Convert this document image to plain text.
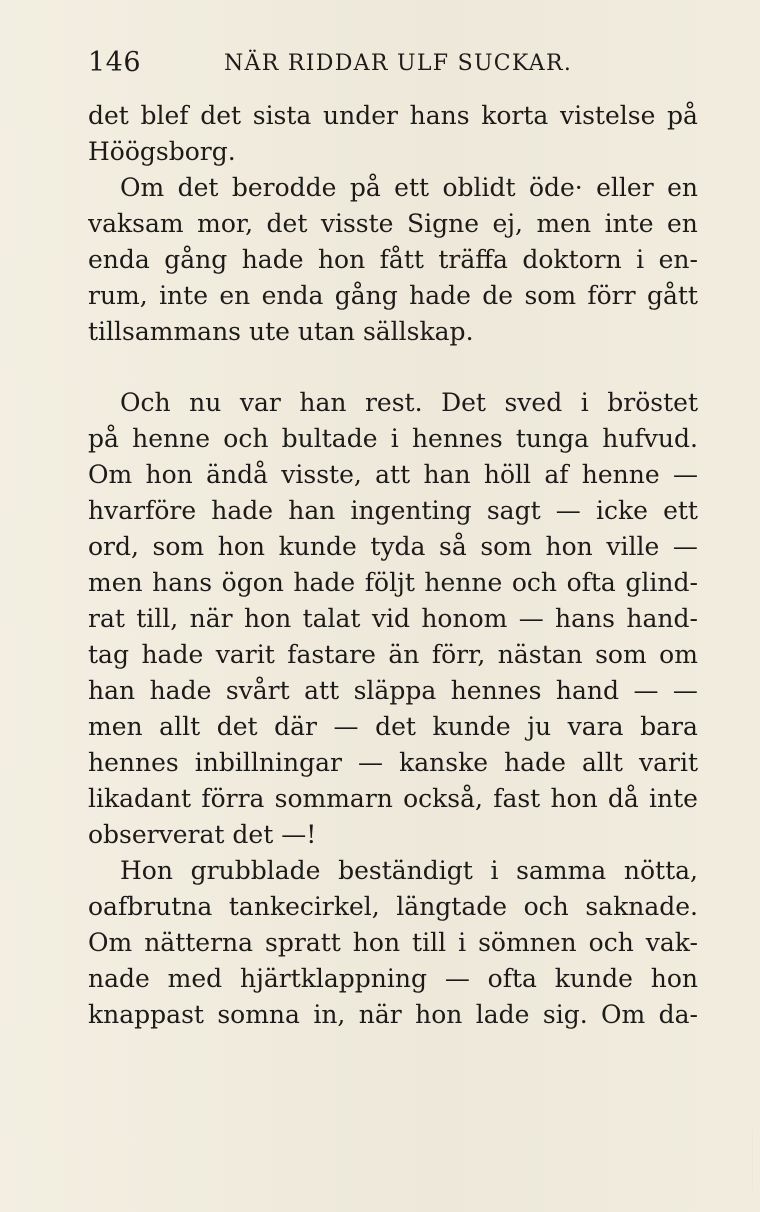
146	NÄR RIDDAR ULF SUCKAR.
det blef det sista under hans korta vistelse på
Höögsborg.
Om det berodde på ett oblidt öde· eller en
vaksam mor, det visste Signe ej, men inte en
enda gång hade hon fått träffa doktorn i en-
rum, inte en enda gång hade de som förr gått
tillsammans ute utan sällskap.
Och nu var han rest. Det sved i bröstet
på henne och bultade i hennes tunga hufvud.
Om hon ändå visste, att han höll af henne —
hvarföre hade han ingenting sagt — icke ett
ord, som hon kunde tyda så som hon ville —
men hans ögon hade följt henne och ofta glind-
rat till, när hon talat vid honom — hans hand-
tag hade varit fastare än förr, nästan som om
han hade svårt att släppa hennes hand — —
men allt det där — det kunde ju vara bara
hennes inbillningar — kanske hade allt varit
likadant förra sommarn också, fast hon då inte
observerat det —!
Hon grubblade beständigt i samma nötta,
oafbrutna tankecirkel, längtade och saknade.
Om nätterna spratt hon till i sömnen och vak-
nade med hjärtklappning — ofta kunde hon
knappast somna in, när hon lade sig. Om da-
